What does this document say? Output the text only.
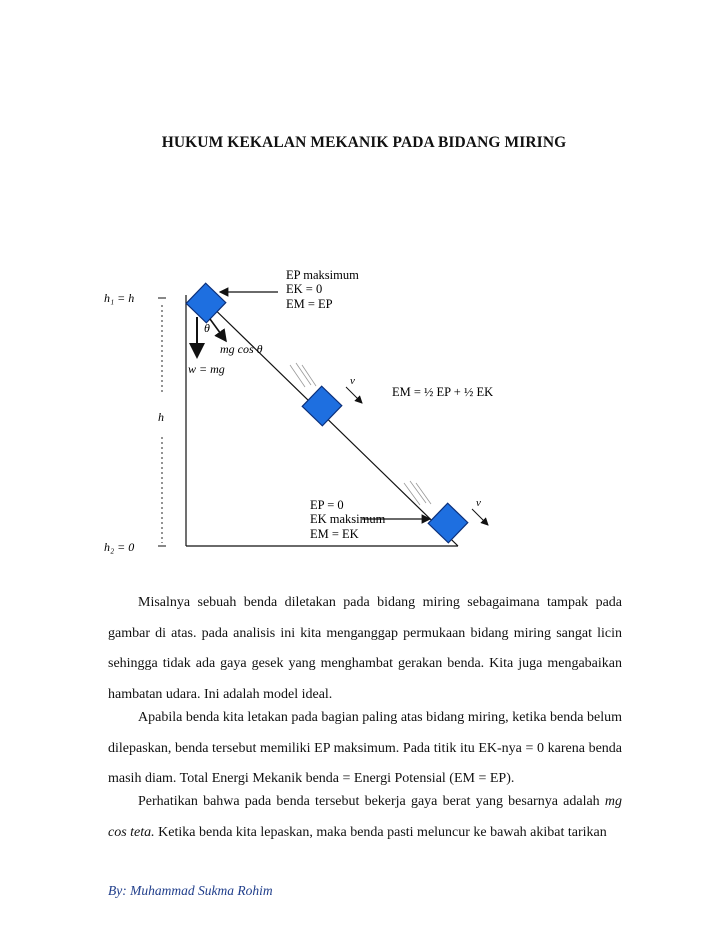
HUKUM KEKALAN MEKANIK PADA BIDANG MIRING
h₁ = h
h
h₂ = 0
θ
mg cos θ
w = mg
EP maksimum
EK = 0
EM = EP
v
EM = ½ EP + ½ EK
v
EP = 0
EK maksimum
EM = EK
Misalnya sebuah benda diletakan pada bidang miring sebagaimana tampak pada gambar di atas. pada analisis ini kita menganggap permukaan bidang miring sangat licin sehingga tidak ada gaya gesek yang menghambat gerakan benda. Kita juga mengabaikan hambatan udara. Ini adalah model ideal.
Apabila benda kita letakan pada bagian paling atas bidang miring, ketika benda belum dilepaskan, benda tersebut memiliki EP maksimum. Pada titik itu EK-nya = 0 karena benda masih diam. Total Energi Mekanik benda = Energi Potensial (EM = EP).
Perhatikan bahwa pada benda tersebut bekerja gaya berat yang besarnya adalah mg cos teta. Ketika benda kita lepaskan, maka benda pasti meluncur ke bawah akibat tarikan
By: Muhammad Sukma Rohim
